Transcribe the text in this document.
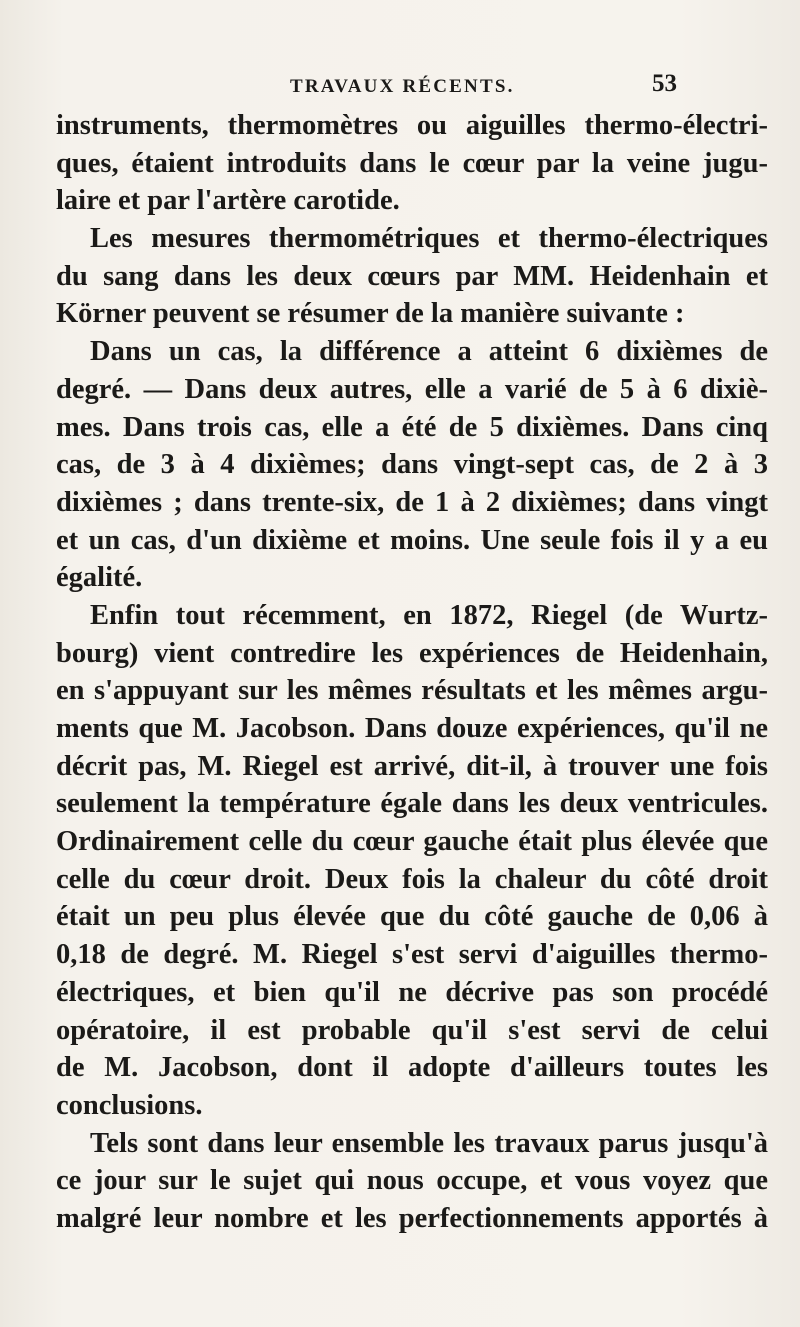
TRAVAUX RÉCENTS.	53
instruments, thermomètres ou aiguilles thermo-électri-
ques, étaient introduits dans le cœur par la veine jugu-
laire et par l'artère carotide.
Les mesures thermométriques et thermo-électriques
du sang dans les deux cœurs par MM. Heidenhain et
Körner peuvent se résumer de la manière suivante :
Dans un cas, la différence a atteint 6 dixièmes de
degré. — Dans deux autres, elle a varié de 5 à 6 dixiè-
mes. Dans trois cas, elle a été de 5 dixièmes. Dans cinq
cas, de 3 à 4 dixièmes; dans vingt-sept cas, de 2 à 3
dixièmes ; dans trente-six, de 1 à 2 dixièmes; dans vingt
et un cas, d'un dixième et moins. Une seule fois il y a eu
égalité.
Enfin tout récemment, en 1872, Riegel (de Wurtz-
bourg) vient contredire les expériences de Heidenhain,
en s'appuyant sur les mêmes résultats et les mêmes argu-
ments que M. Jacobson. Dans douze expériences, qu'il ne
décrit pas, M. Riegel est arrivé, dit-il, à trouver une fois
seulement la température égale dans les deux ventricules.
Ordinairement celle du cœur gauche était plus élevée que
celle du cœur droit. Deux fois la chaleur du côté droit
était un peu plus élevée que du côté gauche de 0,06 à
0,18 de degré. M. Riegel s'est servi d'aiguilles thermo-
électriques, et bien qu'il ne décrive pas son procédé
opératoire, il est probable qu'il s'est servi de celui
de M. Jacobson, dont il adopte d'ailleurs toutes les
conclusions.
Tels sont dans leur ensemble les travaux parus jusqu'à
ce jour sur le sujet qui nous occupe, et vous voyez que
malgré leur nombre et les perfectionnements apportés à
